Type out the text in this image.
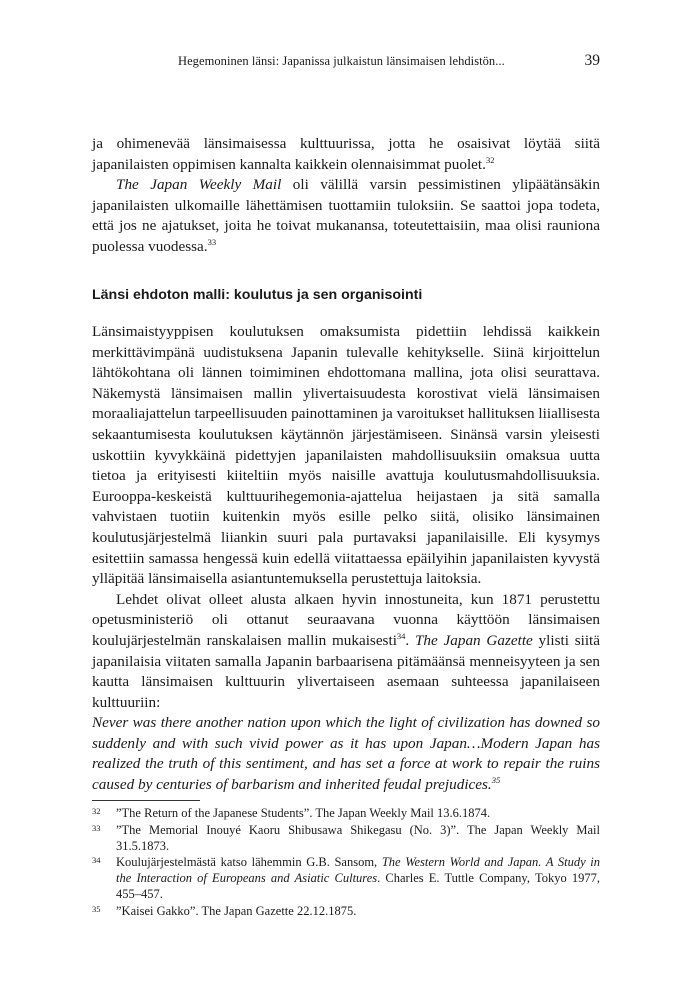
Hegemoninen länsi: Japanissa julkaistun länsimaisen lehdistön...	39

ja ohimenevää länsimaisessa kulttuurissa, jotta he osaisivat löytää siitä japanilaisten oppimisen kannalta kaikkein olennaisimmat puolet.$^{32}$

The Japan Weekly Mail oli välillä varsin pessimistinen ylipäätänsäkin japanilaisten ulkomaille lähettämisen tuottamiin tuloksiin. Se saattoi jopa todeta, että jos ne ajatukset, joita he toivat mukanansa, toteutettaisiin, maa olisi rauniona puolessa vuodessa.$^{33}$

Länsi ehdoton malli: koulutus ja sen organisointi

Länsimaistyyppisen koulutuksen omaksumista pidettiin lehdissä kaikkein merkittävimpänä uudistuksena Japanin tulevalle kehitykselle. Siinä kirjoittelun lähtökohtana oli lännen toimiminen ehdottomana mallina, jota olisi seurattava. Näkemystä länsimaisen mallin ylivertaisuudesta korostivat vielä länsimaisen moraaliajattelun tarpeellisuuden painottaminen ja varoitukset hallituksen liiallisesta sekaantumisesta koulutuksen käytännön järjestämiseen. Sinänsä varsin yleisesti uskottiin kyvykkäinä pidettyjen japanilaisten mahdollisuuksiin omaksua uutta tietoa ja erityisesti kiiteltiin myös naisille avattuja koulutusmahdollisuuksia. Eurooppa-keskeistä kulttuurihegemonia-ajattelua heijastaen ja sitä samalla vahvistaen tuotiin kuitenkin myös esille pelko siitä, olisiko länsimainen koulutusjärjestelmä liiankin suuri pala purtavaksi japanilaisille. Eli kysymys esitettiin samassa hengessä kuin edellä viitattaessa epäilyihin japanilaisten kyvystä ylläpitää länsimaisella asiantuntemuksella perustettuja laitoksia.

Lehdet olivat olleet alusta alkaen hyvin innostuneita, kun 1871 perustettu opetusministeriö oli ottanut seuraavana vuonna käyttöön länsimaisen koulujärjestelmän ranskalaisen mallin mukaisesti$^{34}$. The Japan Gazette ylisti siitä japanilaisia viitaten samalla Japanin barbaarisena pitämäänsä menneisyyteen ja sen kautta länsimaisen kulttuurin ylivertaiseen asemaan suhteessa japanilaiseen kulttuuriin:

Never was there another nation upon which the light of civilization has downed so suddenly and with such vivid power as it has upon Japan…Modern Japan has realized the truth of this sentiment, and has set a force at work to repair the ruins caused by centuries of barbarism and inherited feudal prejudices.$^{35}$

32 ”The Return of the Japanese Students”. The Japan Weekly Mail 13.6.1874.
33 ”The Memorial Inouyé Kaoru Shibusawa Shikegasu (No. 3)”. The Japan Weekly Mail 31.5.1873.
34 Koulujärjestelmästä katso lähemmin G.B. Sansom, The Western World and Japan. A Study in the Interaction of Europeans and Asiatic Cultures. Charles E. Tuttle Company, Tokyo 1977, 455–457.
35 ”Kaisei Gakko”. The Japan Gazette 22.12.1875.
